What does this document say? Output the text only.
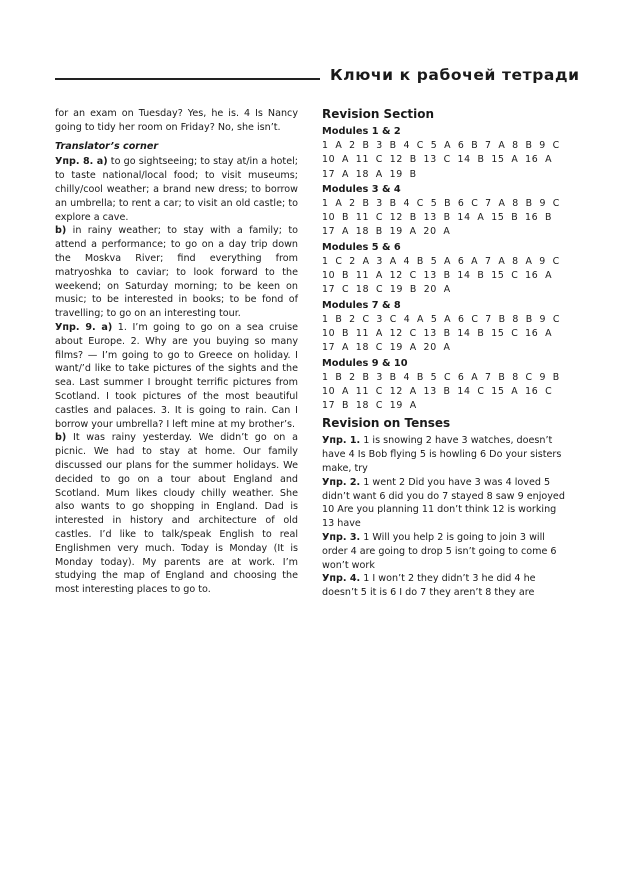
Ключи к рабочей тетради

for an exam on Tuesday? Yes, he is. 4 Is Nancy going to tidy her room on Friday? No, she isn’t.

Translator’s corner

Упр. 8. a) to go sightseeing; to stay at/in a hotel; to taste national/local food; to visit museums; chilly/cool weather; a brand new dress; to borrow an umbrella; to rent a car; to visit an old castle; to explore a cave.

b) in rainy weather; to stay with a family; to attend a performance; to go on a day trip down the Moskva River; find everything from matryoshka to caviar; to look forward to the weekend; on Saturday morning; to be keen on music; to be interested in books; to be fond of travelling; to go on an interesting tour.

Упр. 9. a) 1. I’m going to go on a sea cruise about Europe. 2. Why are you buying so many films? — I’m going to go to Greece on holiday. I want/’d like to take pictures of the sights and the sea. Last summer I brought terrific pictures from Scotland. I took pictures of the most beautiful castles and palaces. 3. It is going to rain. Can I borrow your umbrella? I left mine at my brother’s.

b) It was rainy yesterday. We didn’t go on a picnic. We had to stay at home. Our family discussed our plans for the summer holidays. We decided to go on a tour about England and Scotland. Mum likes cloudy chilly weather. She also wants to go shopping in England. Dad is interested in history and architecture of old castles. I’d like to talk/speak English to real Englishmen very much. Today is Monday (It is Monday today). My parents are at work. I’m studying the map of England and choosing the most interesting places to go to.

Revision Section

Modules 1 & 2

1 A 2 B 3 B 4 C 5 A 6 B 7 A 8 B 9 C

10 A 11 C 12 B 13 C 14 B 15 A 16 A

17 A 18 A 19 B

Modules 3 & 4

1 A 2 B 3 B 4 C 5 B 6 C 7 A 8 B 9 C

10 B 11 C 12 B 13 B 14 A 15 B 16 B

17 A 18 B 19 A 20 A

Modules 5 & 6

1 C 2 A 3 A 4 B 5 A 6 A 7 A 8 A 9 C

10 B 11 A 12 C 13 B 14 B 15 C 16 A

17 C 18 C 19 B 20 A

Modules 7 & 8

1 B 2 C 3 C 4 A 5 A 6 C 7 B 8 B 9 C

10 B 11 A 12 C 13 B 14 B 15 C 16 A

17 A 18 C 19 A 20 A

Modules 9 & 10

1 B 2 B 3 B 4 B 5 C 6 A 7 B 8 C 9 B

10 A 11 C 12 A 13 B 14 C 15 A 16 C

17 B 18 C 19 A

Revision on Tenses

Упр. 1. 1 is snowing 2 have 3 watches, doesn’t have 4 Is Bob flying 5 is howling 6 Do your sisters make, try

Упр. 2. 1 went 2 Did you have 3 was 4 loved 5 didn’t want 6 did you do 7 stayed 8 saw 9 enjoyed 10 Are you planning 11 don’t think 12 is working 13 have

Упр. 3. 1 Will you help 2 is going to join 3 will order 4 are going to drop 5 isn’t going to come 6 won’t work

Упр. 4. 1 I won’t 2 they didn’t 3 he did 4 he doesn’t 5 it is 6 I do 7 they aren’t 8 they are
